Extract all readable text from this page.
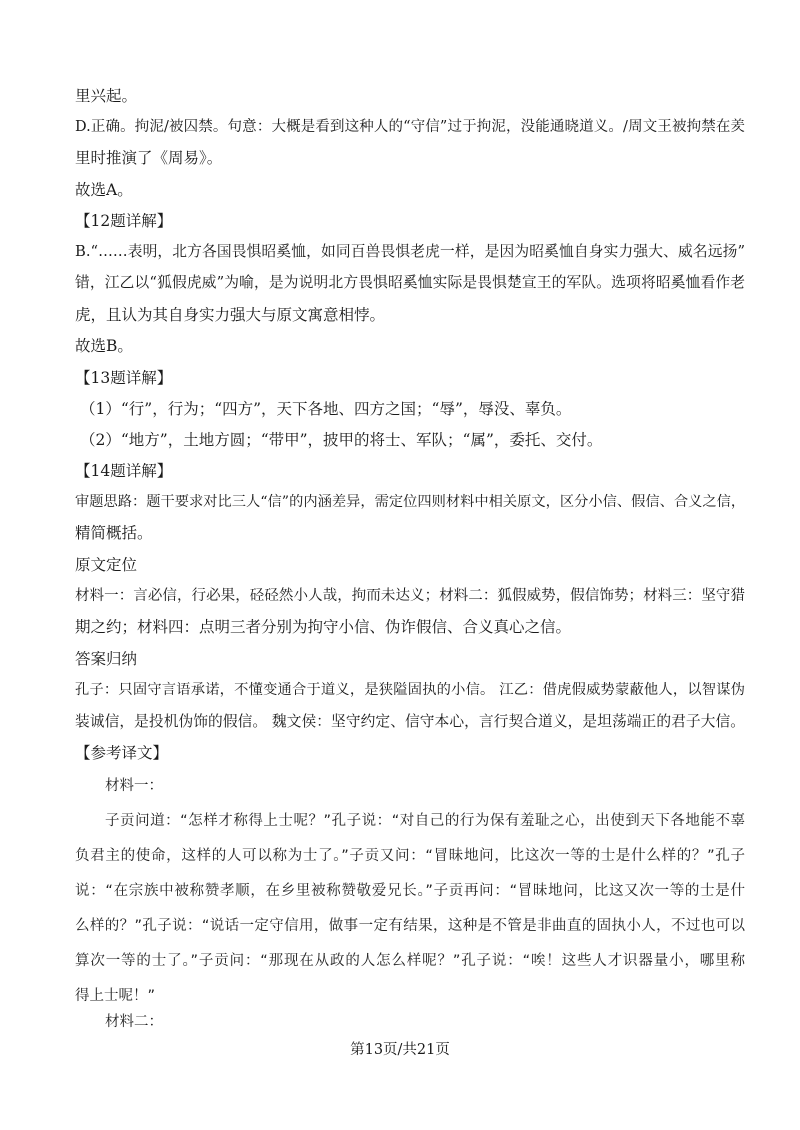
里兴起。
D.正确。拘泥/被囚禁。句意：大概是看到这种人的“守信”过于拘泥，没能通晓道义。/周文王被拘禁在羑
里时推演了《周易》。
故选A。
【12题详解】
B.“……表明，北方各国畏惧昭奚恤，如同百兽畏惧老虎一样，是因为昭奚恤自身实力强大、威名远扬”
错，江乙以“狐假虎威”为喻，是为说明北方畏惧昭奚恤实际是畏惧楚宣王的军队。选项将昭奚恤看作老
虎，且认为其自身实力强大与原文寓意相悖。
故选B。
【13题详解】
（1）“行”，行为；“四方”，天下各地、四方之国；“辱”，辱没、辜负。
（2）“地方”，土地方圆；“带甲”，披甲的将士、军队；“属”，委托、交付。
【14题详解】
审题思路：题干要求对比三人“信”的内涵差异，需定位四则材料中相关原文，区分小信、假信、合义之信，
精简概括。
原文定位
材料一：言必信，行必果，硁硁然小人哉，拘而未达义；材料二：狐假威势，假信饰势；材料三：坚守猎
期之约；材料四：点明三者分别为拘守小信、伪诈假信、合义真心之信。
答案归纳
孔子：只固守言语承诺，不懂变通合于道义，是狭隘固执的小信。 江乙：借虎假威势蒙蔽他人，以智谋伪
装诚信，是投机伪饰的假信。 魏文侯：坚守约定、信守本心，言行契合道义，是坦荡端正的君子大信。
【参考译文】
材料一：
子贡问道：“怎样才称得上士呢？”孔子说：“对自己的行为保有羞耻之心，出使到天下各地能不辜
负君主的使命，这样的人可以称为士了。”子贡又问：“冒昧地问，比这次一等的士是什么样的？”孔子
说：“在宗族中被称赞孝顺，在乡里被称赞敬爱兄长。”子贡再问：“冒昧地问，比这又次一等的士是什
么样的？”孔子说：“说话一定守信用，做事一定有结果，这种是不管是非曲直的固执小人，不过也可以
算次一等的士了。”子贡问：“那现在从政的人怎么样呢？”孔子说：“唉！这些人才识器量小，哪里称
得上士呢！”
材料二：
第13页/共21页
